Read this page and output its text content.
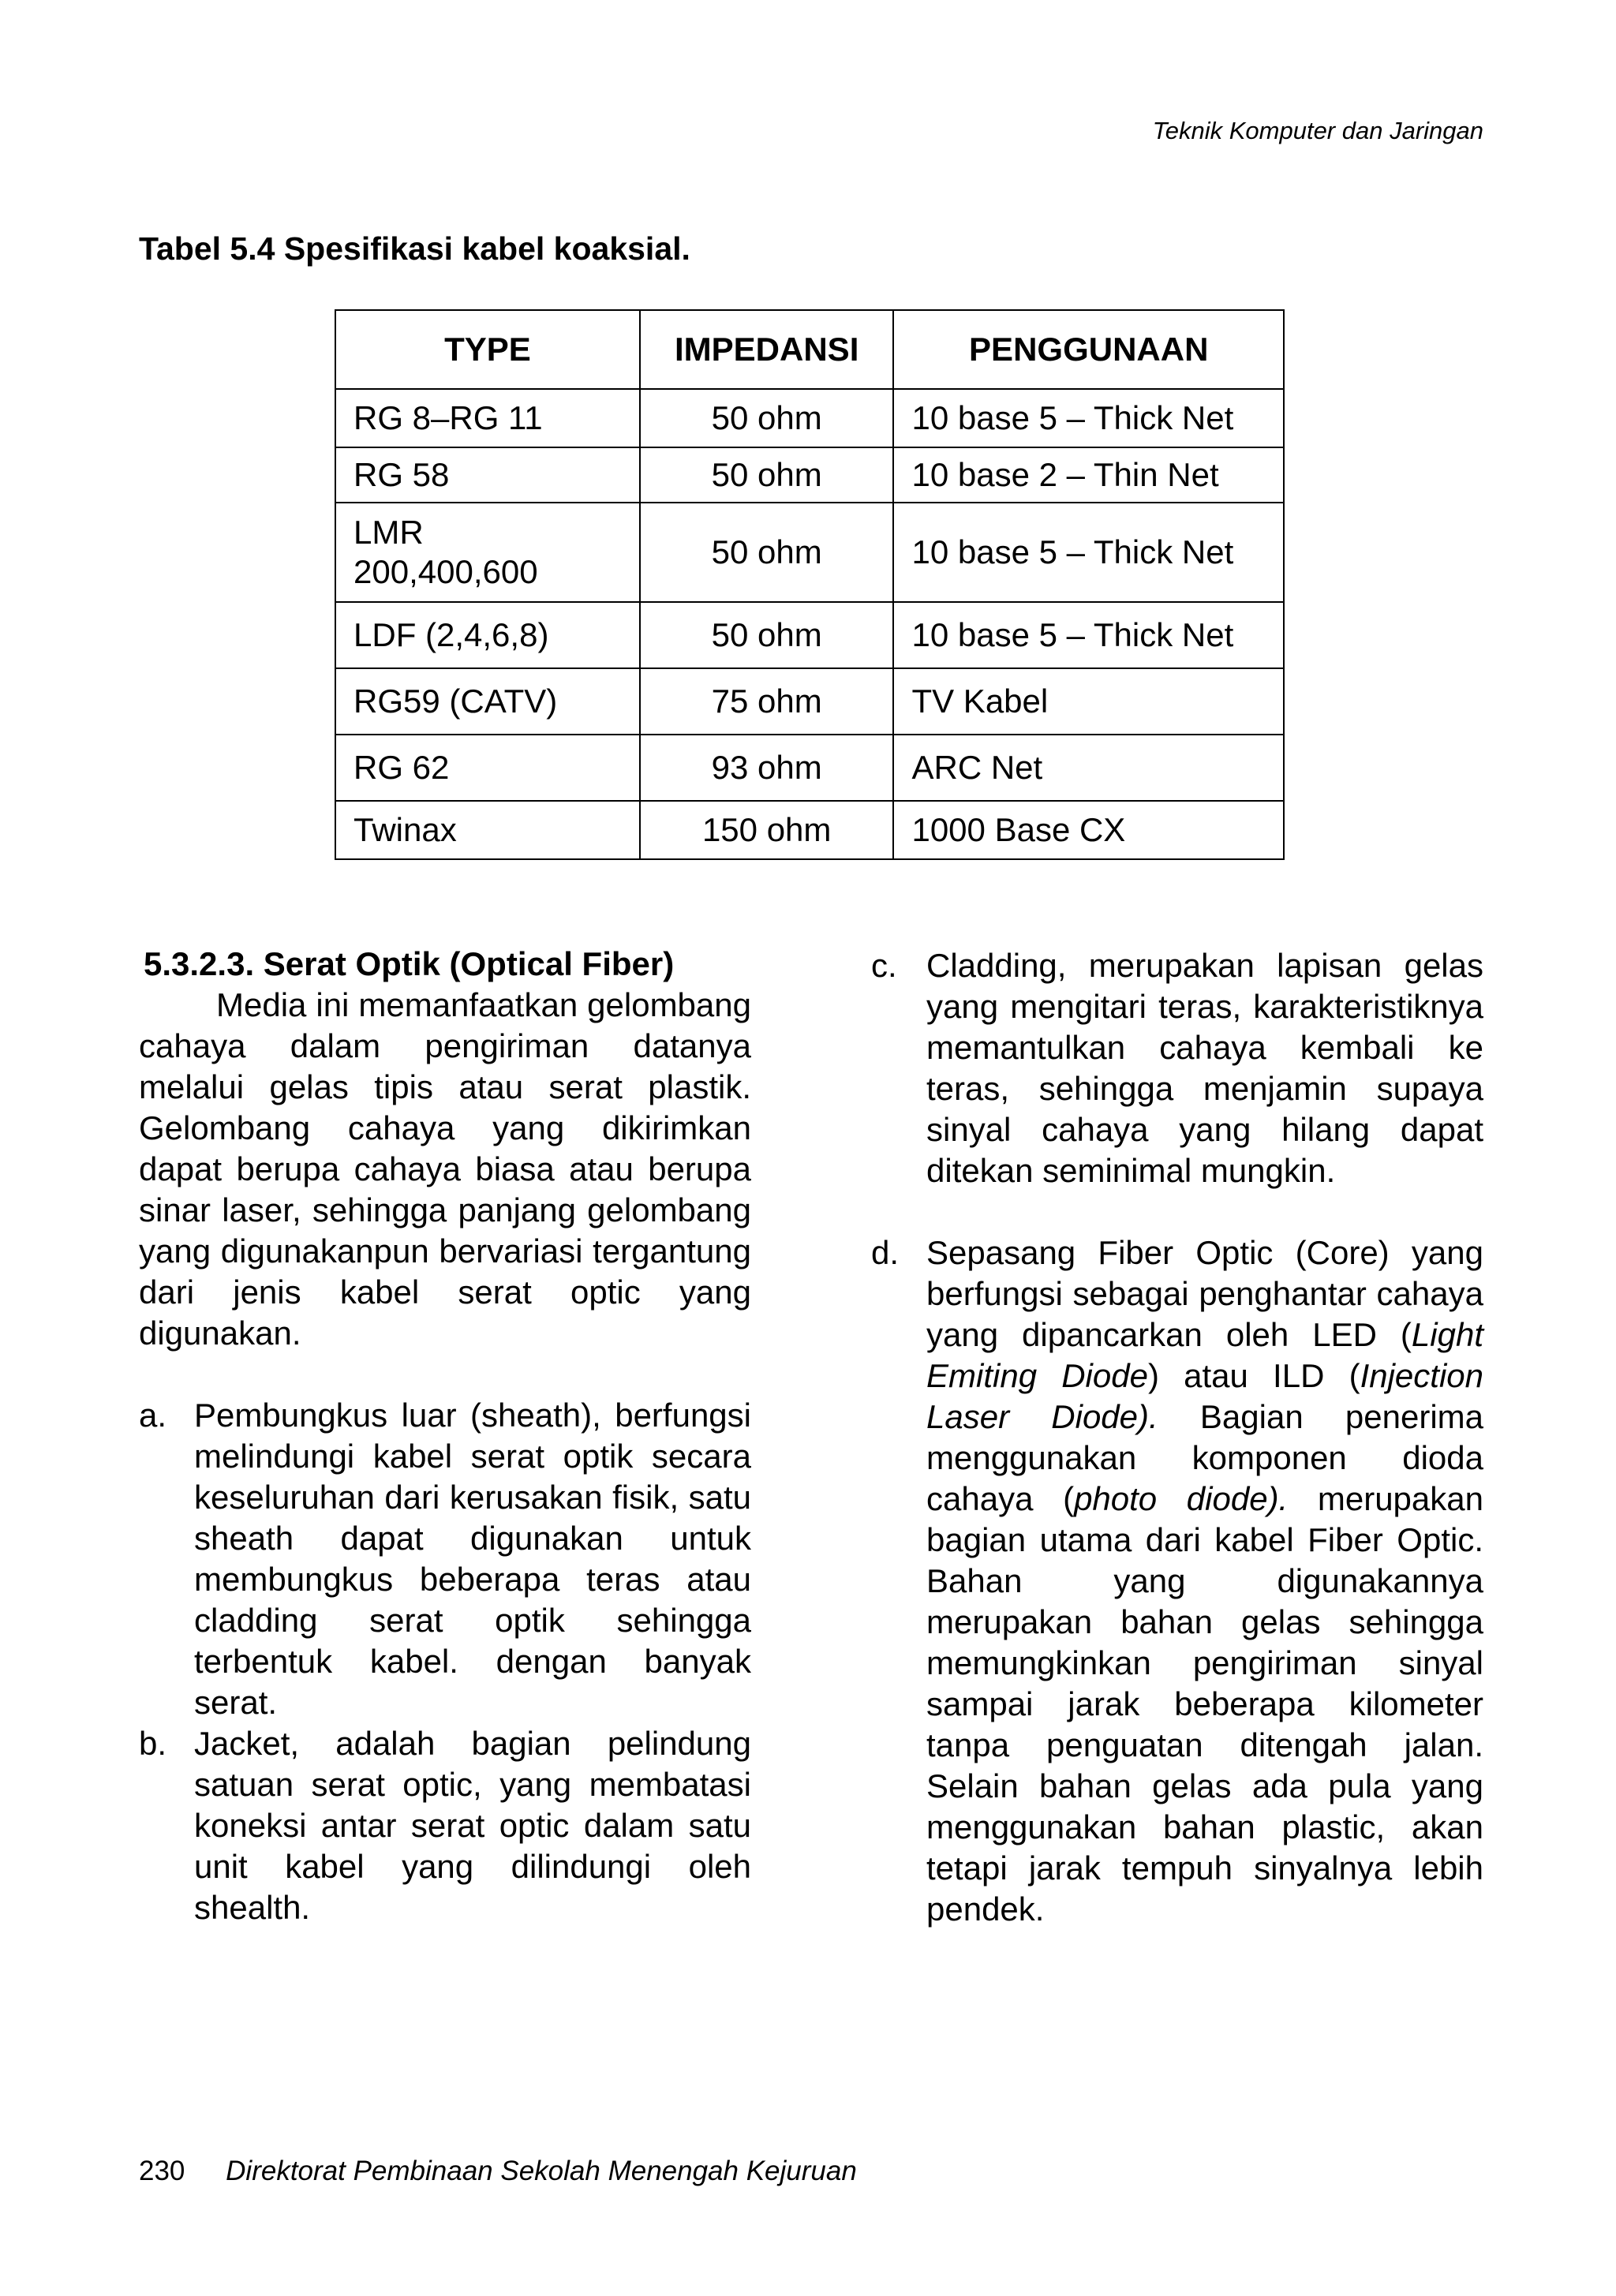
Teknik Komputer dan Jaringan
Tabel 5.4 Spesifikasi kabel koaksial.
TYPE	IMPEDANSI	PENGGUNAAN
RG 8–RG 11	50 ohm	10 base 5 – Thick Net
RG 58	50 ohm	10 base 2 – Thin Net
LMR 200,400,600	50 ohm	10 base 5 – Thick Net
LDF (2,4,6,8)	50 ohm	10 base 5 – Thick Net
RG59 (CATV)	75 ohm	TV Kabel
RG 62	93 ohm	ARC Net
Twinax	150 ohm	1000 Base CX

5.3.2.3. Serat Optik (Optical Fiber)

Media ini memanfaatkan gelombang cahaya dalam pengiriman datanya melalui gelas tipis atau serat plastik. Gelombang cahaya yang dikirimkan dapat berupa cahaya biasa atau berupa sinar laser, sehingga panjang gelombang yang digunakanpun bervariasi tergantung dari jenis kabel serat optic yang digunakan.

a. Pembungkus luar (sheath), berfungsi melindungi kabel serat optik secara keseluruhan dari kerusakan fisik, satu sheath dapat digunakan untuk membungkus beberapa teras atau cladding serat optik sehingga terbentuk kabel. dengan banyak serat.
b. Jacket, adalah bagian pelindung satuan serat optic, yang membatasi koneksi antar serat optic dalam satu unit kabel yang dilindungi oleh shealth.
c. Cladding, merupakan lapisan gelas yang mengitari teras, karakteristiknya memantulkan cahaya kembali ke teras, sehingga menjamin supaya sinyal cahaya yang hilang dapat ditekan seminimal mungkin.
d. Sepasang Fiber Optic (Core) yang berfungsi sebagai penghantar cahaya yang dipancarkan oleh LED (Light Emiting Diode) atau ILD (Injection Laser Diode). Bagian penerima menggunakan komponen dioda cahaya (photo diode). merupakan bagian utama dari kabel Fiber Optic. Bahan yang digunakannya merupakan bahan gelas sehingga memungkinkan pengiriman sinyal sampai jarak beberapa kilometer tanpa penguatan ditengah jalan. Selain bahan gelas ada pula yang menggunakan bahan plastic, akan tetapi jarak tempuh sinyalnya lebih pendek.
230 Direktorat Pembinaan Sekolah Menengah Kejuruan
